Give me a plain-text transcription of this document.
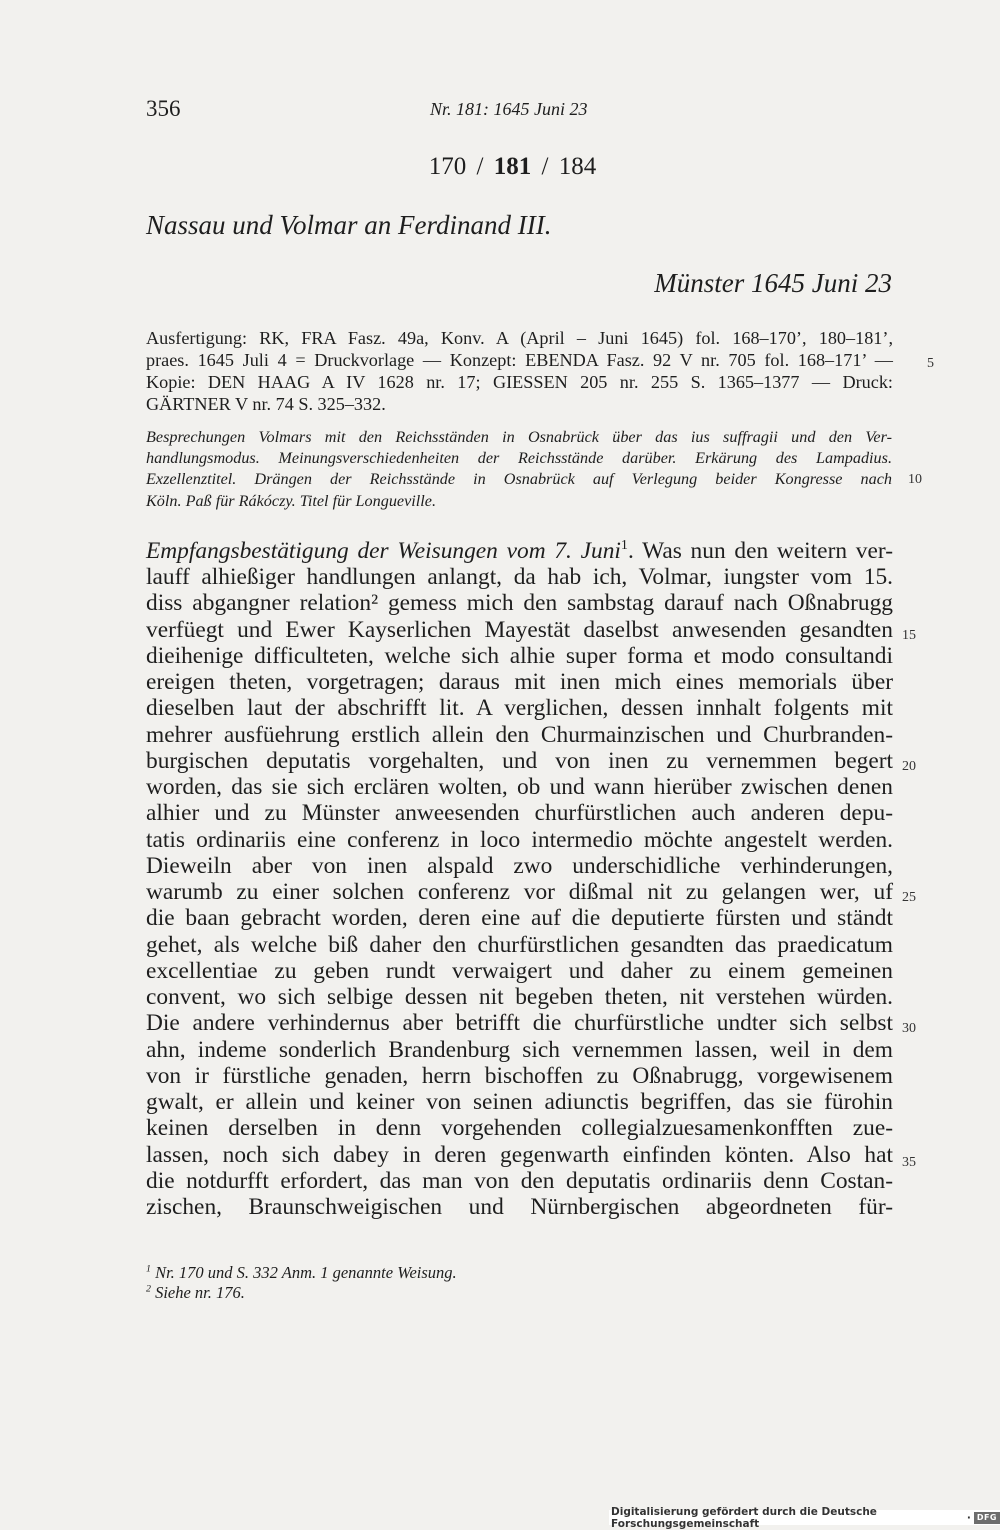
356	Nr. 181: 1645 Juni 23
170 / 181 / 184
Nassau und Volmar an Ferdinand III.
Münster 1645 Juni 23
Ausfertigung: RK, FRA Fasz. 49a, Konv. A (April – Juni 1645) fol. 168–170’, 180–181’,
praes. 1645 Juli 4 = Druckvorlage — Konzept: EBENDA Fasz. 92 V nr. 705 fol. 168–171’ —
Kopie: DEN HAAG A IV 1628 nr. 17; GIESSEN 205 nr. 255 S. 1365–1377 — Druck:
GÄRTNER V nr. 74 S. 325–332.
Besprechungen Volmars mit den Reichsständen in Osnabrück über das ius suffragii und den Ver-
handlungsmodus. Meinungsverschiedenheiten der Reichsstände darüber. Erkärung des Lampadius.
Exzellenztitel. Drängen der Reichsstände in Osnabrück auf Verlegung beider Kongresse nach
Köln. Paß für Rákóczy. Titel für Longueville.
Empfangsbestätigung der Weisungen vom 7. Juni$^1$. Was nun den weitern ver-
lauff alhießiger handlungen anlangt, da hab ich, Volmar, iungster vom 15.
diss abgangner relation² gemess mich den sambstag darauf nach Oßnabrugg
verfüegt und Ewer Kayserlichen Mayestät daselbst anwesenden gesandten
dieihenige difficulteten, welche sich alhie super forma et modo consultandi
ereigen theten, vorgetragen; daraus mit inen mich eines memorials über
dieselben laut der abschrifft lit. A verglichen, dessen innhalt folgents mit
mehrer ausfüehrung erstlich allein den Churmainzischen und Churbranden-
burgischen deputatis vorgehalten, und von inen zu vernemmen begert
worden, das sie sich erclären wolten, ob und wann hierüber zwischen denen
alhier und zu Münster anweesenden churfürstlichen auch anderen depu-
tatis ordinariis eine conferenz in loco intermedio möchte angestelt werden.
Dieweiln aber von inen alspald zwo underschidliche verhinderungen,
warumb zu einer solchen conferenz vor dißmal nit zu gelangen wer, uf
die baan gebracht worden, deren eine auf die deputierte fürsten und ständt
gehet, als welche biß daher den churfürstlichen gesandten das praedicatum
excellentiae zu geben rundt verwaigert und daher zu einem gemeinen
convent, wo sich selbige dessen nit begeben theten, nit verstehen würden.
Die andere verhindernus aber betrifft die churfürstliche undter sich selbst
ahn, indeme sonderlich Brandenburg sich vernemmen lassen, weil in dem
von ir fürstliche genaden, herrn bischoffen zu Oßnabrugg, vorgewisenem
gwalt, er allein und keiner von seinen adiunctis begriffen, das sie fürohin
keinen derselben in denn vorgehenden collegialzuesamenkonfften zue-
lassen, noch sich dabey in deren gegenwarth einfinden könten. Also hat
die notdurfft erfordert, das man von den deputatis ordinariis denn Costan-
zischen, Braunschweigischen und Nürnbergischen abgeordneten für-
5
10
15
20
25
30
35
$^1$ Nr. 170 und S. 332 Anm. 1 genannte Weisung.
$^2$ Siehe nr. 176.
Digitalisierung gefördert durch die Deutsche Forschungsgemeinschaft	· DFG
